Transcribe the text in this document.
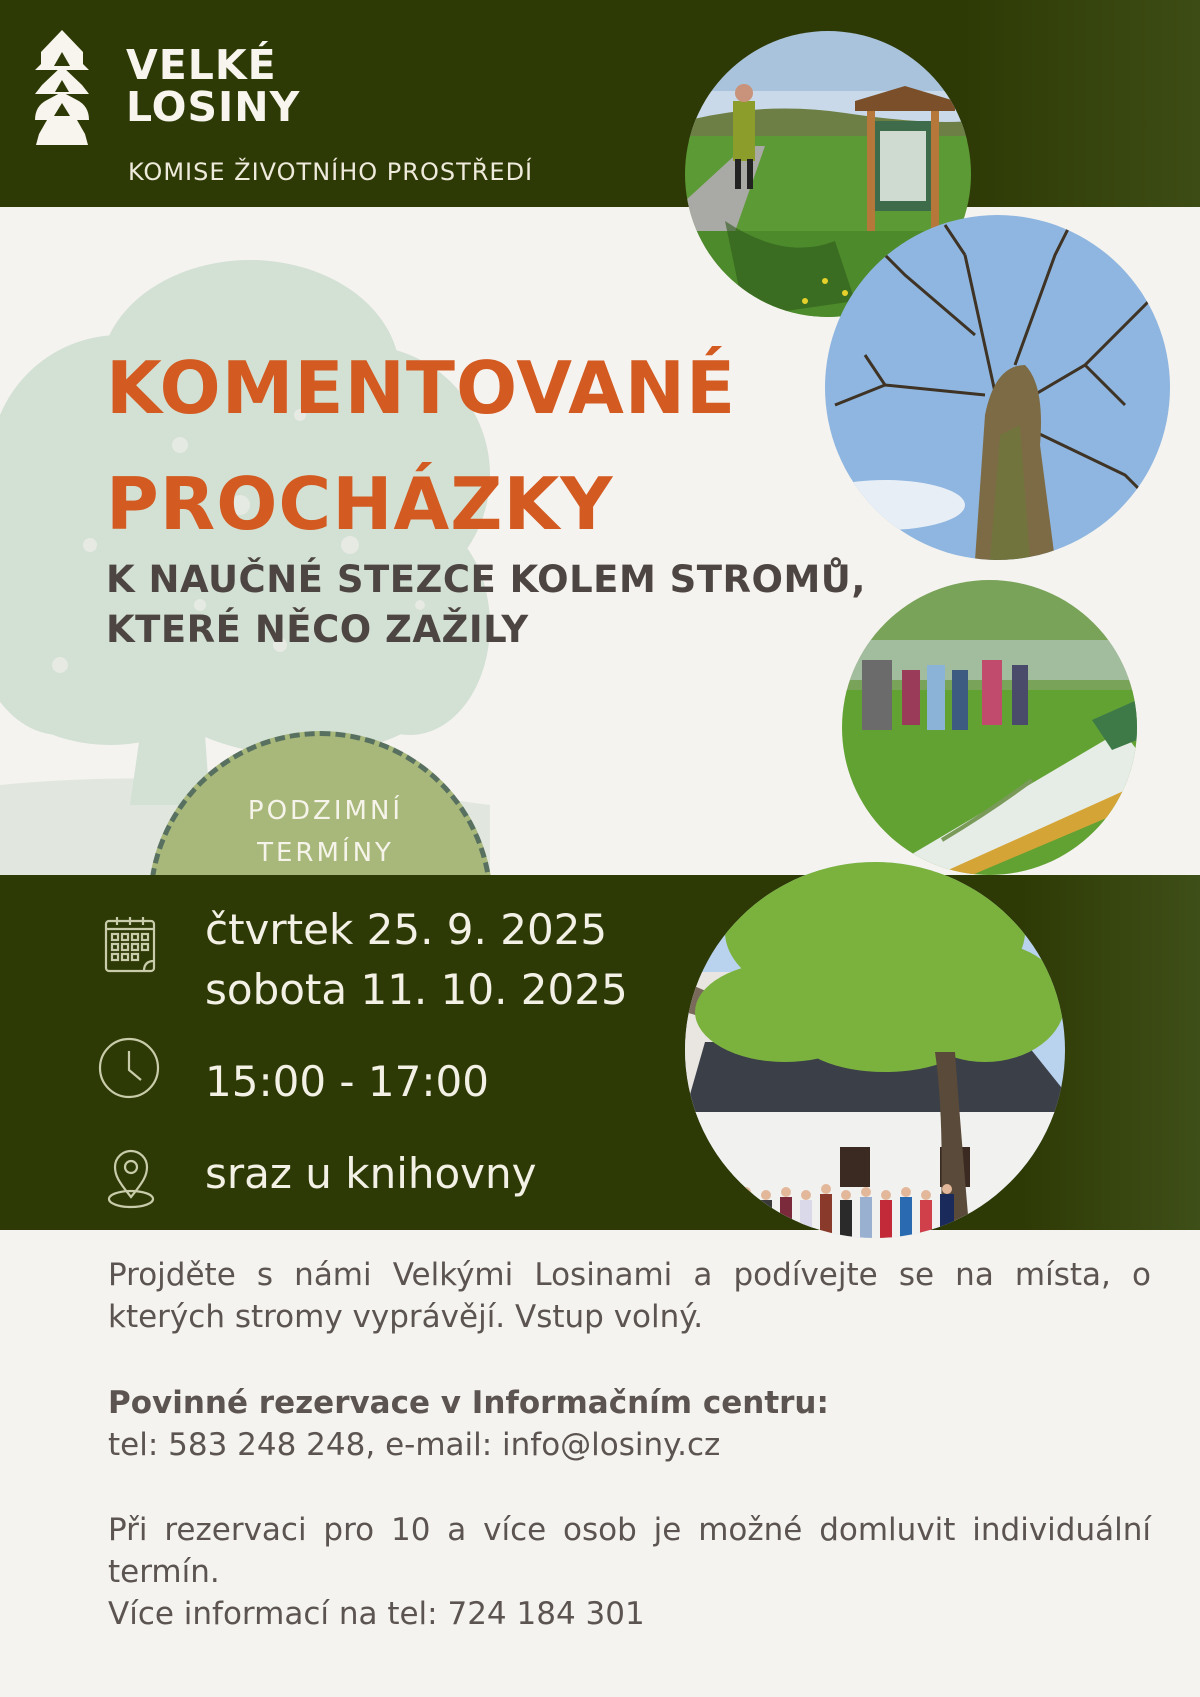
VELKÉ
LOSINY
KOMISE ŽIVOTNÍHO PROSTŘEDÍ
KOMENTOVANÉ
PROCHÁZKY
K NAUČNÉ STEZCE KOLEM STROMŮ,
KTERÉ NĚCO ZAŽILY
PODZIMNÍ
TERMÍNY
čtvrtek 25. 9. 2025
sobota 11. 10. 2025
15:00 - 17:00
sraz u knihovny
Projděte s námi Velkými Losinami a podívejte se na místa, o kterých stromy vyprávějí. Vstup volný.
Povinné rezervace v Informačním centru:
tel: 583 248 248, e-mail: info@losiny.cz
Při rezervaci pro 10 a více osob je možné domluvit individuální termín.
Více informací na tel: 724 184 301
